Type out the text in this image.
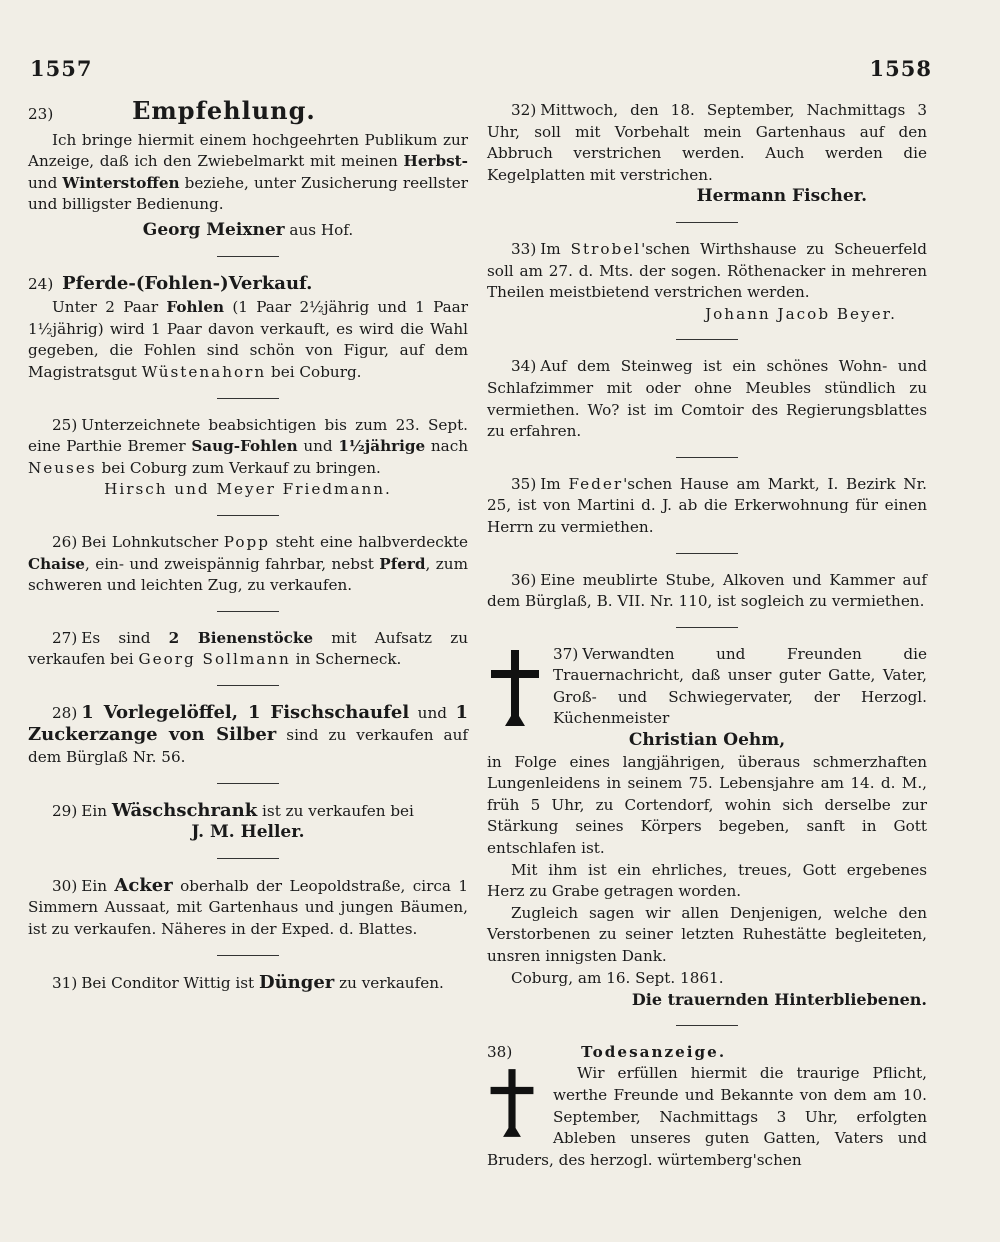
1557	1558

23)	Empfehlung.

Ich bringe hiermit einem hochgeehrten Publikum zur Anzeige, daß ich den Zwiebelmarkt mit meinen Herbst- und Winterstoffen beziehe, unter Zusicherung reellster und billigster Bedienung.

Georg Meixner aus Hof.

24) Pferde-(Fohlen-)Verkauf.

Unter 2 Paar Fohlen (1 Paar 2½jährig und 1 Paar 1½jährig) wird 1 Paar davon verkauft, es wird die Wahl gegeben, die Fohlen sind schön von Figur, auf dem Magistratsgut Wüstenahorn bei Coburg.

25) Unterzeichnete beabsichtigen bis zum 23. Sept. eine Parthie Bremer Saug-Fohlen und 1½jährige nach Neuses bei Coburg zum Verkauf zu bringen.

Hirsch und Meyer Friedmann.

26) Bei Lohnkutscher Popp steht eine halbverdeckte Chaise, ein- und zweispännig fahrbar, nebst Pferd, zum schweren und leichten Zug, zu verkaufen.

27) Es sind 2 Bienenstöcke mit Aufsatz zu verkaufen bei Georg Sollmann in Scherneck.

28) 1 Vorlegelöffel, 1 Fischschaufel und 1 Zuckerzange von Silber sind zu verkaufen auf dem Bürglaß Nr. 56.

29) Ein Wäschschrank ist zu verkaufen bei

J. M. Heller.

30) Ein Acker oberhalb der Leopoldstraße, circa 1 Simmern Aussaat, mit Gartenhaus und jungen Bäumen, ist zu verkaufen. Näheres in der Exped. d. Blattes.

31) Bei Conditor Wittig ist Dünger zu verkaufen.

32) Mittwoch, den 18. September, Nachmittags 3 Uhr, soll mit Vorbehalt mein Gartenhaus auf den Abbruch verstrichen werden. Auch werden die Kegelplatten mit verstrichen.

Hermann Fischer.

33) Im Strobel'schen Wirthshause zu Scheuerfeld soll am 27. d. Mts. der sogen. Röthenacker in mehreren Theilen meistbietend verstrichen werden.

Johann Jacob Beyer.

34) Auf dem Steinweg ist ein schönes Wohn- und Schlafzimmer mit oder ohne Meubles stündlich zu vermiethen. Wo? ist im Comtoir des Regierungsblattes zu erfahren.

35) Im Feder'schen Hause am Markt, I. Bezirk Nr. 25, ist von Martini d. J. ab die Erkerwohnung für einen Herrn zu vermiethen.

36) Eine meublirte Stube, Alkoven und Kammer auf dem Bürglaß, B. VII. Nr. 110, ist sogleich zu vermiethen.

37) Verwandten und Freunden die Trauernachricht, daß unser guter Gatte, Vater, Groß- und Schwiegervater, der Herzogl. Küchenmeister

Christian Oehm,

in Folge eines langjährigen, überaus schmerzhaften Lungenleidens in seinem 75. Lebensjahre am 14. d. M., früh 5 Uhr, zu Cortendorf, wohin sich derselbe zur Stärkung seines Körpers begeben, sanft in Gott entschlafen ist.

Mit ihm ist ein ehrliches, treues, Gott ergebenes Herz zu Grabe getragen worden.

Zugleich sagen wir allen Denjenigen, welche den Verstorbenen zu seiner letzten Ruhestätte begleiteten, unsren innigsten Dank.

Coburg, am 16. Sept. 1861.

Die trauernden Hinterbliebenen.

38)	Todesanzeige.

Wir erfüllen hiermit die traurige Pflicht, werthe Freunde und Bekannte von dem am 10. September, Nachmittags 3 Uhr, erfolgten Ableben unseres guten Gatten, Vaters und Bruders, des herzogl. würtemberg'schen
